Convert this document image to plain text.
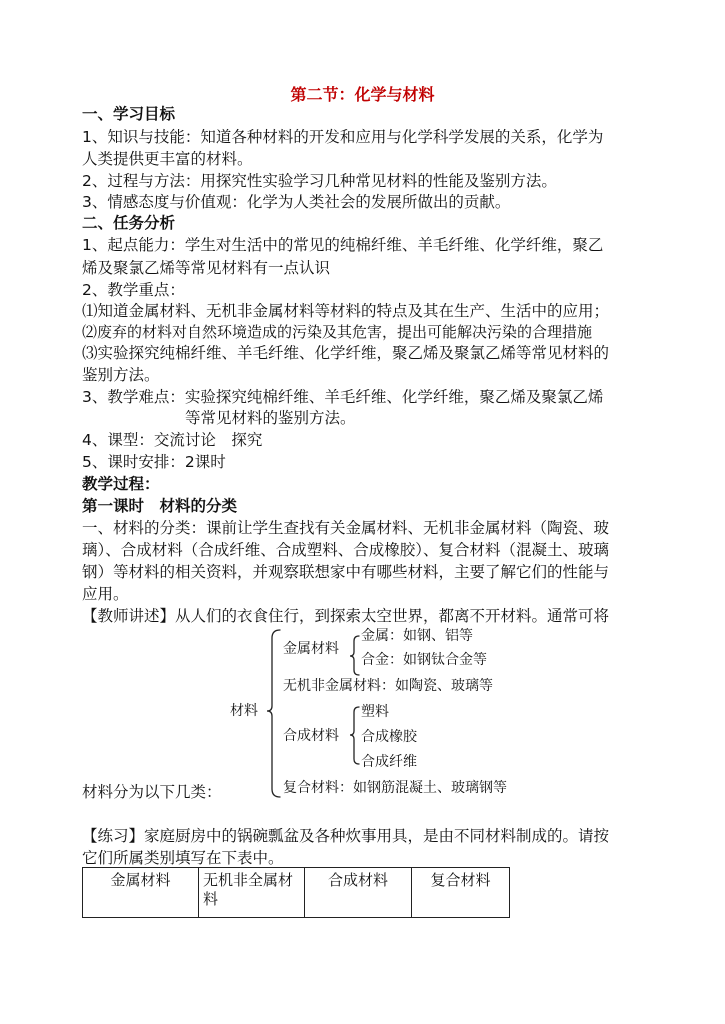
第二节：化学与材料
一、学习目标
1、知识与技能：知道各种材料的开发和应用与化学科学发展的关系，化学为
人类提供更丰富的材料。
2、过程与方法：用探究性实验学习几种常见材料的性能及鉴别方法。
3、情感态度与价值观：化学为人类社会的发展所做出的贡献。
二、任务分析
1、起点能力：学生对生活中的常见的纯棉纤维、羊毛纤维、化学纤维，聚乙
烯及聚氯乙烯等常见材料有一点认识
2、教学重点：
⑴知道金属材料、无机非金属材料等材料的特点及其在生产、生活中的应用；
⑵废弃的材料对自然环境造成的污染及其危害，提出可能解决污染的合理措施
⑶实验探究纯棉纤维、羊毛纤维、化学纤维，聚乙烯及聚氯乙烯等常见材料的
鉴别方法。
3、教学难点：实验探究纯棉纤维、羊毛纤维、化学纤维，聚乙烯及聚氯乙烯
等常见材料的鉴别方法。
4、课型：交流讨论　探究
5、课时安排：2课时
教学过程：
第一课时　材料的分类
一、材料的分类：课前让学生查找有关金属材料、无机非金属材料（陶瓷、玻
璃）、合成材料（合成纤维、合成塑料、合成橡胶）、复合材料（混凝土、玻璃
钢）等材料的相关资料，并观察联想家中有哪些材料，主要了解它们的性能与
应用。
【教师讲述】从人们的衣食住行，到探索太空世界，都离不开材料。通常可将
材料
金属材料
金属：如钢、铝等
合金：如钢钛合金等
无机非金属材料：如陶瓷、玻璃等
塑料
合成材料 合成橡胶
合成纤维
复合材料：如钢筋混凝土、玻璃钢等
材料分为以下几类：
【练习】家庭厨房中的锅碗瓢盆及各种炊事用具，是由不同材料制成的。请按
它们所属类别填写在下表中。
金属材料	无机非全属材料	合成材料	复合材料
